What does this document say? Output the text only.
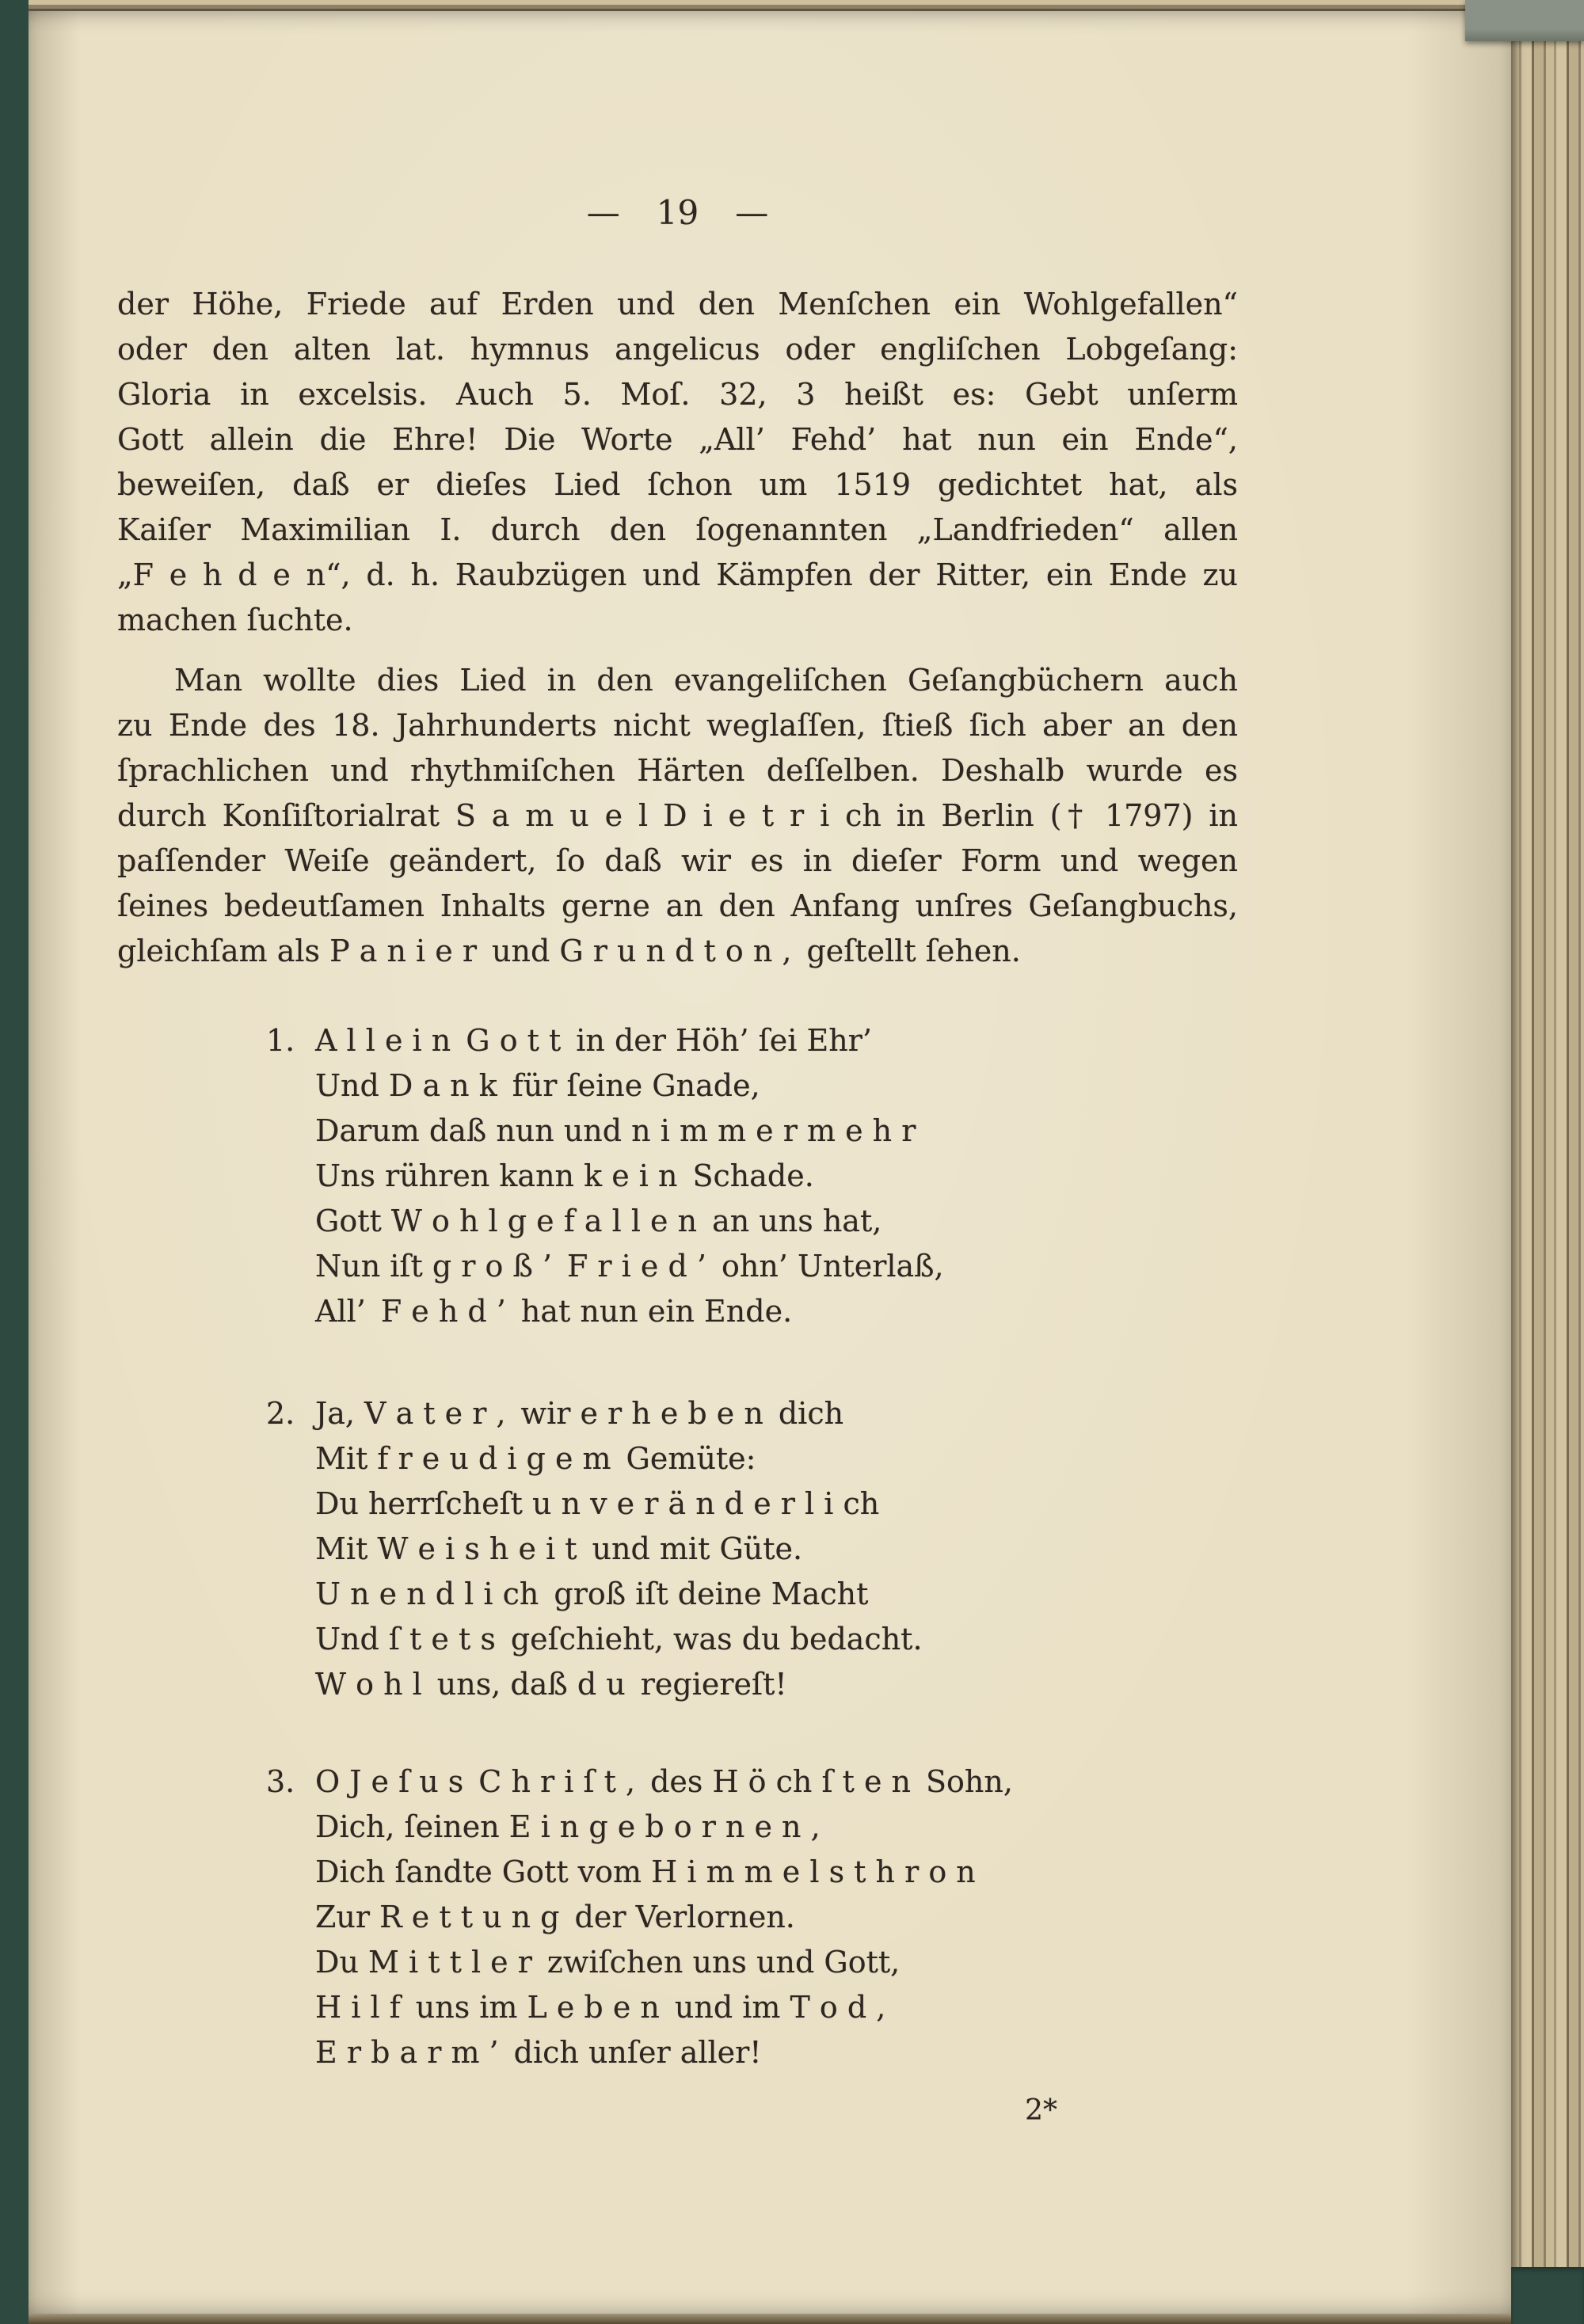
— 19 —
der Höhe, Friede auf Erden und den Menſchen ein Wohlgefallen“
oder den alten lat. hymnus angelicus oder engliſchen Lobgeſang:
Gloria in excelsis. Auch 5. Moſ. 32, 3 heißt es: Gebt unſerm
Gott allein die Ehre! Die Worte „All’ Fehd’ hat nun ein Ende“,
beweiſen, daß er dieſes Lied ſchon um 1519 gedichtet hat, als
Kaiſer Maximilian I. durch den ſogenannten „Landfrieden“ allen
„F e h d e n“, d. h. Raubzügen und Kämpfen der Ritter, ein Ende zu
machen ſuchte.
Man wollte dies Lied in den evangeliſchen Geſangbüchern auch
zu Ende des 18. Jahrhunderts nicht weglaſſen, ſtieß ſich aber an den
ſprachlichen und rhythmiſchen Härten deſſelben. Deshalb wurde es
durch Konſiſtorialrat S a m u e l D i e t r i ch in Berlin († 1797) in
paſſender Weiſe geändert, ſo daß wir es in dieſer Form und wegen
ſeines bedeutſamen Inhalts gerne an den Anfang unſres Geſangbuchs,
gleichſam als P a n i e r und G r u n d t o n , geſtellt ſehen.
1. A l l e i n G o t t in der Höh’ ſei Ehr’
Und D a n k für ſeine Gnade,
Darum daß nun und n i m m e r m e h r
Uns rühren kann k e i n Schade.
Gott W o h l g e f a l l e n an uns hat,
Nun iſt g r o ß ’ F r i e d ’ ohn’ Unterlaß,
All’ F e h d ’ hat nun ein Ende.
2. Ja, V a t e r , wir e r h e b e n dich
Mit f r e u d i g e m Gemüte:
Du herrſcheſt u n v e r ä n d e r l i ch
Mit W e i s h e i t und mit Güte.
U n e n d l i ch groß iſt deine Macht
Und ſ t e t s geſchieht, was du bedacht.
W o h l uns, daß d u regiereſt!
3. O J e ſ u s C h r i ſ t , des H ö ch ſ t e n Sohn,
Dich, ſeinen E i n g e b o r n e n ,
Dich ſandte Gott vom H i m m e l s t h r o n
Zur R e t t u n g der Verlornen.
Du M i t t l e r zwiſchen uns und Gott,
H i l f uns im L e b e n und im T o d ,
E r b a r m ’ dich unſer aller!
2*
